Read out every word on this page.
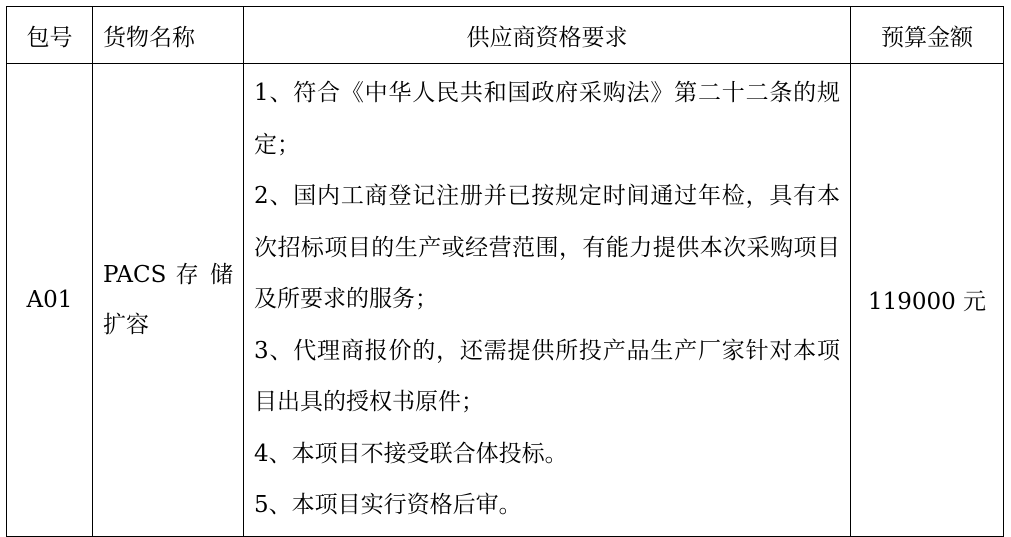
包号	货物名称	供应商资格要求	预算金额
A01	PACS 存 储 扩容	1、符合《中华人民共和国政府采购法》第二十二条的规定；

2、国内工商登记注册并已按规定时间通过年检，具有本次招标项目的生产或经营范围，有能力提供本次采购项目及所要求的服务；

3、代理商报价的，还需提供所投产品生产厂家针对本项目出具的授权书原件；

4、本项目不接受联合体投标。

5、本项目实行资格后审。	119000 元
